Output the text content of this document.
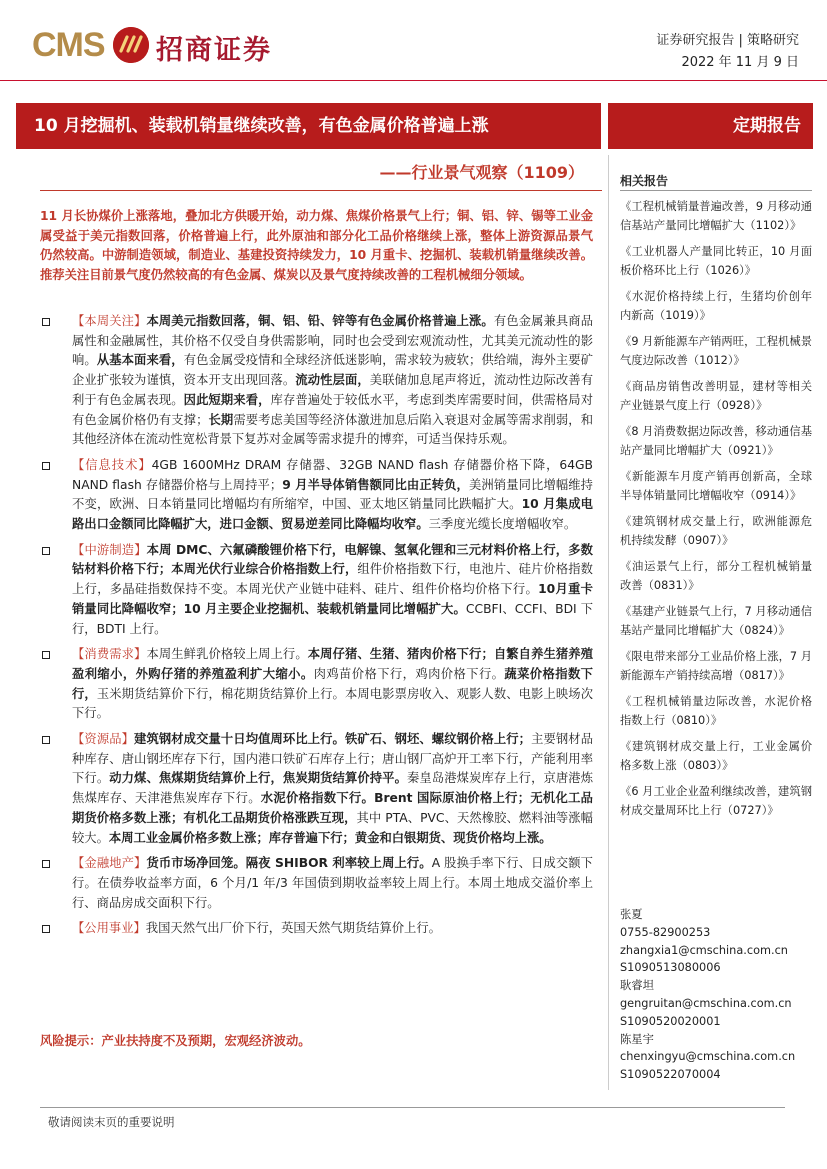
CMS 招商证券	证券研究报告 | 策略研究
2022 年 11 月 9 日
10 月挖掘机、装载机销量继续改善，有色金属价格普遍上涨	定期报告
——行业景气观察（1109）
11 月长协煤价上涨落地，叠加北方供暖开始，动力煤、焦煤价格景气上行；铜、铝、锌、锡等工业金属受益于美元指数回落，价格普遍上行，此外原油和部分化工品价格继续上涨，整体上游资源品景气仍然较高。中游制造领域，制造业、基建投资持续发力，10 月重卡、挖掘机、装载机销量继续改善。推荐关注目前景气度仍然较高的有色金属、煤炭以及景气度持续改善的工程机械细分领域。
【本周关注】本周美元指数回落，铜、铝、铅、锌等有色金属价格普遍上涨。有色金属兼具商品属性和金融属性，其价格不仅受自身供需影响，同时也会受到宏观流动性，尤其美元流动性的影响。从基本面来看，有色金属受疫情和全球经济低迷影响，需求较为疲软；供给端，海外主要矿企业扩张较为谨慎，资本开支出现回落。流动性层面，美联储加息尾声将近，流动性边际改善有利于有色金属表现。因此短期来看，库存普遍处于较低水平，考虑到类库需要时间，供需格局对有色金属价格仍有支撑；长期需要考虑美国等经济体激进加息后陷入衰退对金属等需求削弱，和其他经济体在流动性宽松背景下复苏对金属等需求提升的博弈，可适当保持乐观。
【信息技术】4GB 1600MHz DRAM 存储器、32GB NAND flash 存储器价格下降，64GB NAND flash 存储器价格与上周持平；9 月半导体销售额同比由正转负，美洲销量同比增幅维持不变，欧洲、日本销量同比增幅均有所缩窄，中国、亚太地区销量同比跌幅扩大。10 月集成电路出口金额同比降幅扩大，进口金额、贸易逆差同比降幅均收窄。三季度光缆长度增幅收窄。
【中游制造】本周 DMC、六氟磷酸锂价格下行，电解镍、氢氧化锂和三元材料价格上行，多数钴材料价格下行；本周光伏行业综合价格指数上行，组件价格指数下行，电池片、硅片价格指数上行，多晶硅指数保持不变。本周光伏产业链中硅料、硅片、组件价格均价格下行。10月重卡销量同比降幅收窄；10 月主要企业挖掘机、装载机销量同比增幅扩大。CCBFI、CCFI、BDI 下行，BDTI 上行。
【消费需求】本周生鲜乳价格较上周上行。本周仔猪、生猪、猪肉价格下行；自繁自养生猪养殖盈利缩小，外购仔猪的养殖盈利扩大缩小。肉鸡苗价格下行，鸡肉价格下行。蔬菜价格指数下行，玉米期货结算价下行，棉花期货结算价上行。本周电影票房收入、观影人数、电影上映场次下行。
【资源品】建筑钢材成交量十日均值周环比上行。铁矿石、钢坯、螺纹钢价格上行；主要钢材品种库存、唐山钢坯库存下行，国内港口铁矿石库存上行；唐山钢厂高炉开工率下行，产能利用率下行。动力煤、焦煤期货结算价上行，焦炭期货结算价持平。秦皇岛港煤炭库存上行，京唐港炼焦煤库存、天津港焦炭库存下行。水泥价格指数下行。Brent 国际原油价格上行；无机化工品期货价格多数上涨；有机化工品期货价格涨跌互现，其中 PTA、PVC、天然橡胶、燃料油等涨幅较大。本周工业金属价格多数上涨；库存普遍下行；黄金和白银期货、现货价格均上涨。
【金融地产】货币市场净回笼。隔夜 SHIBOR 利率较上周上行。A 股换手率下行、日成交额下行。在债券收益率方面，6 个月/1 年/3 年国债到期收益率较上周上行。本周土地成交溢价率上行、商品房成交面积下行。
【公用事业】我国天然气出厂价下行，英国天然气期货结算价上行。
风险提示：产业扶持度不及预期，宏观经济波动。
相关报告
《工程机械销量普遍改善，9 月移动通信基站产量同比增幅扩大（1102）》
《工业机器人产量同比转正，10 月面板价格环比上行（1026）》
《水泥价格持续上行，生猪均价创年内新高（1019）》
《9 月新能源车产销两旺，工程机械景气度边际改善（1012）》
《商品房销售改善明显，建材等相关产业链景气度上行（0928）》
《8 月消费数据边际改善，移动通信基站产量同比增幅扩大（0921）》
《新能源车月度产销再创新高，全球半导体销量同比增幅收窄（0914）》
《建筑钢材成交量上行，欧洲能源危机持续发酵（0907）》
《油运景气上行，部分工程机械销量改善（0831）》
《基建产业链景气上行，7 月移动通信基站产量同比增幅扩大（0824）》
《限电带来部分工业品价格上涨，7 月新能源车产销持续高增（0817）》
《工程机械销量边际改善，水泥价格指数上行（0810）》
《建筑钢材成交量上行，工业金属价格多数上涨（0803）》
《6 月工业企业盈利继续改善，建筑钢材成交量周环比上行（0727）》
张夏
0755-82900253
zhangxia1@cmschina.com.cn
S1090513080006
耿睿坦
gengruitan@cmschina.com.cn
S1090520020001
陈星宇
chenxingyu@cmschina.com.cn
S1090522070004
敬请阅读末页的重要说明
